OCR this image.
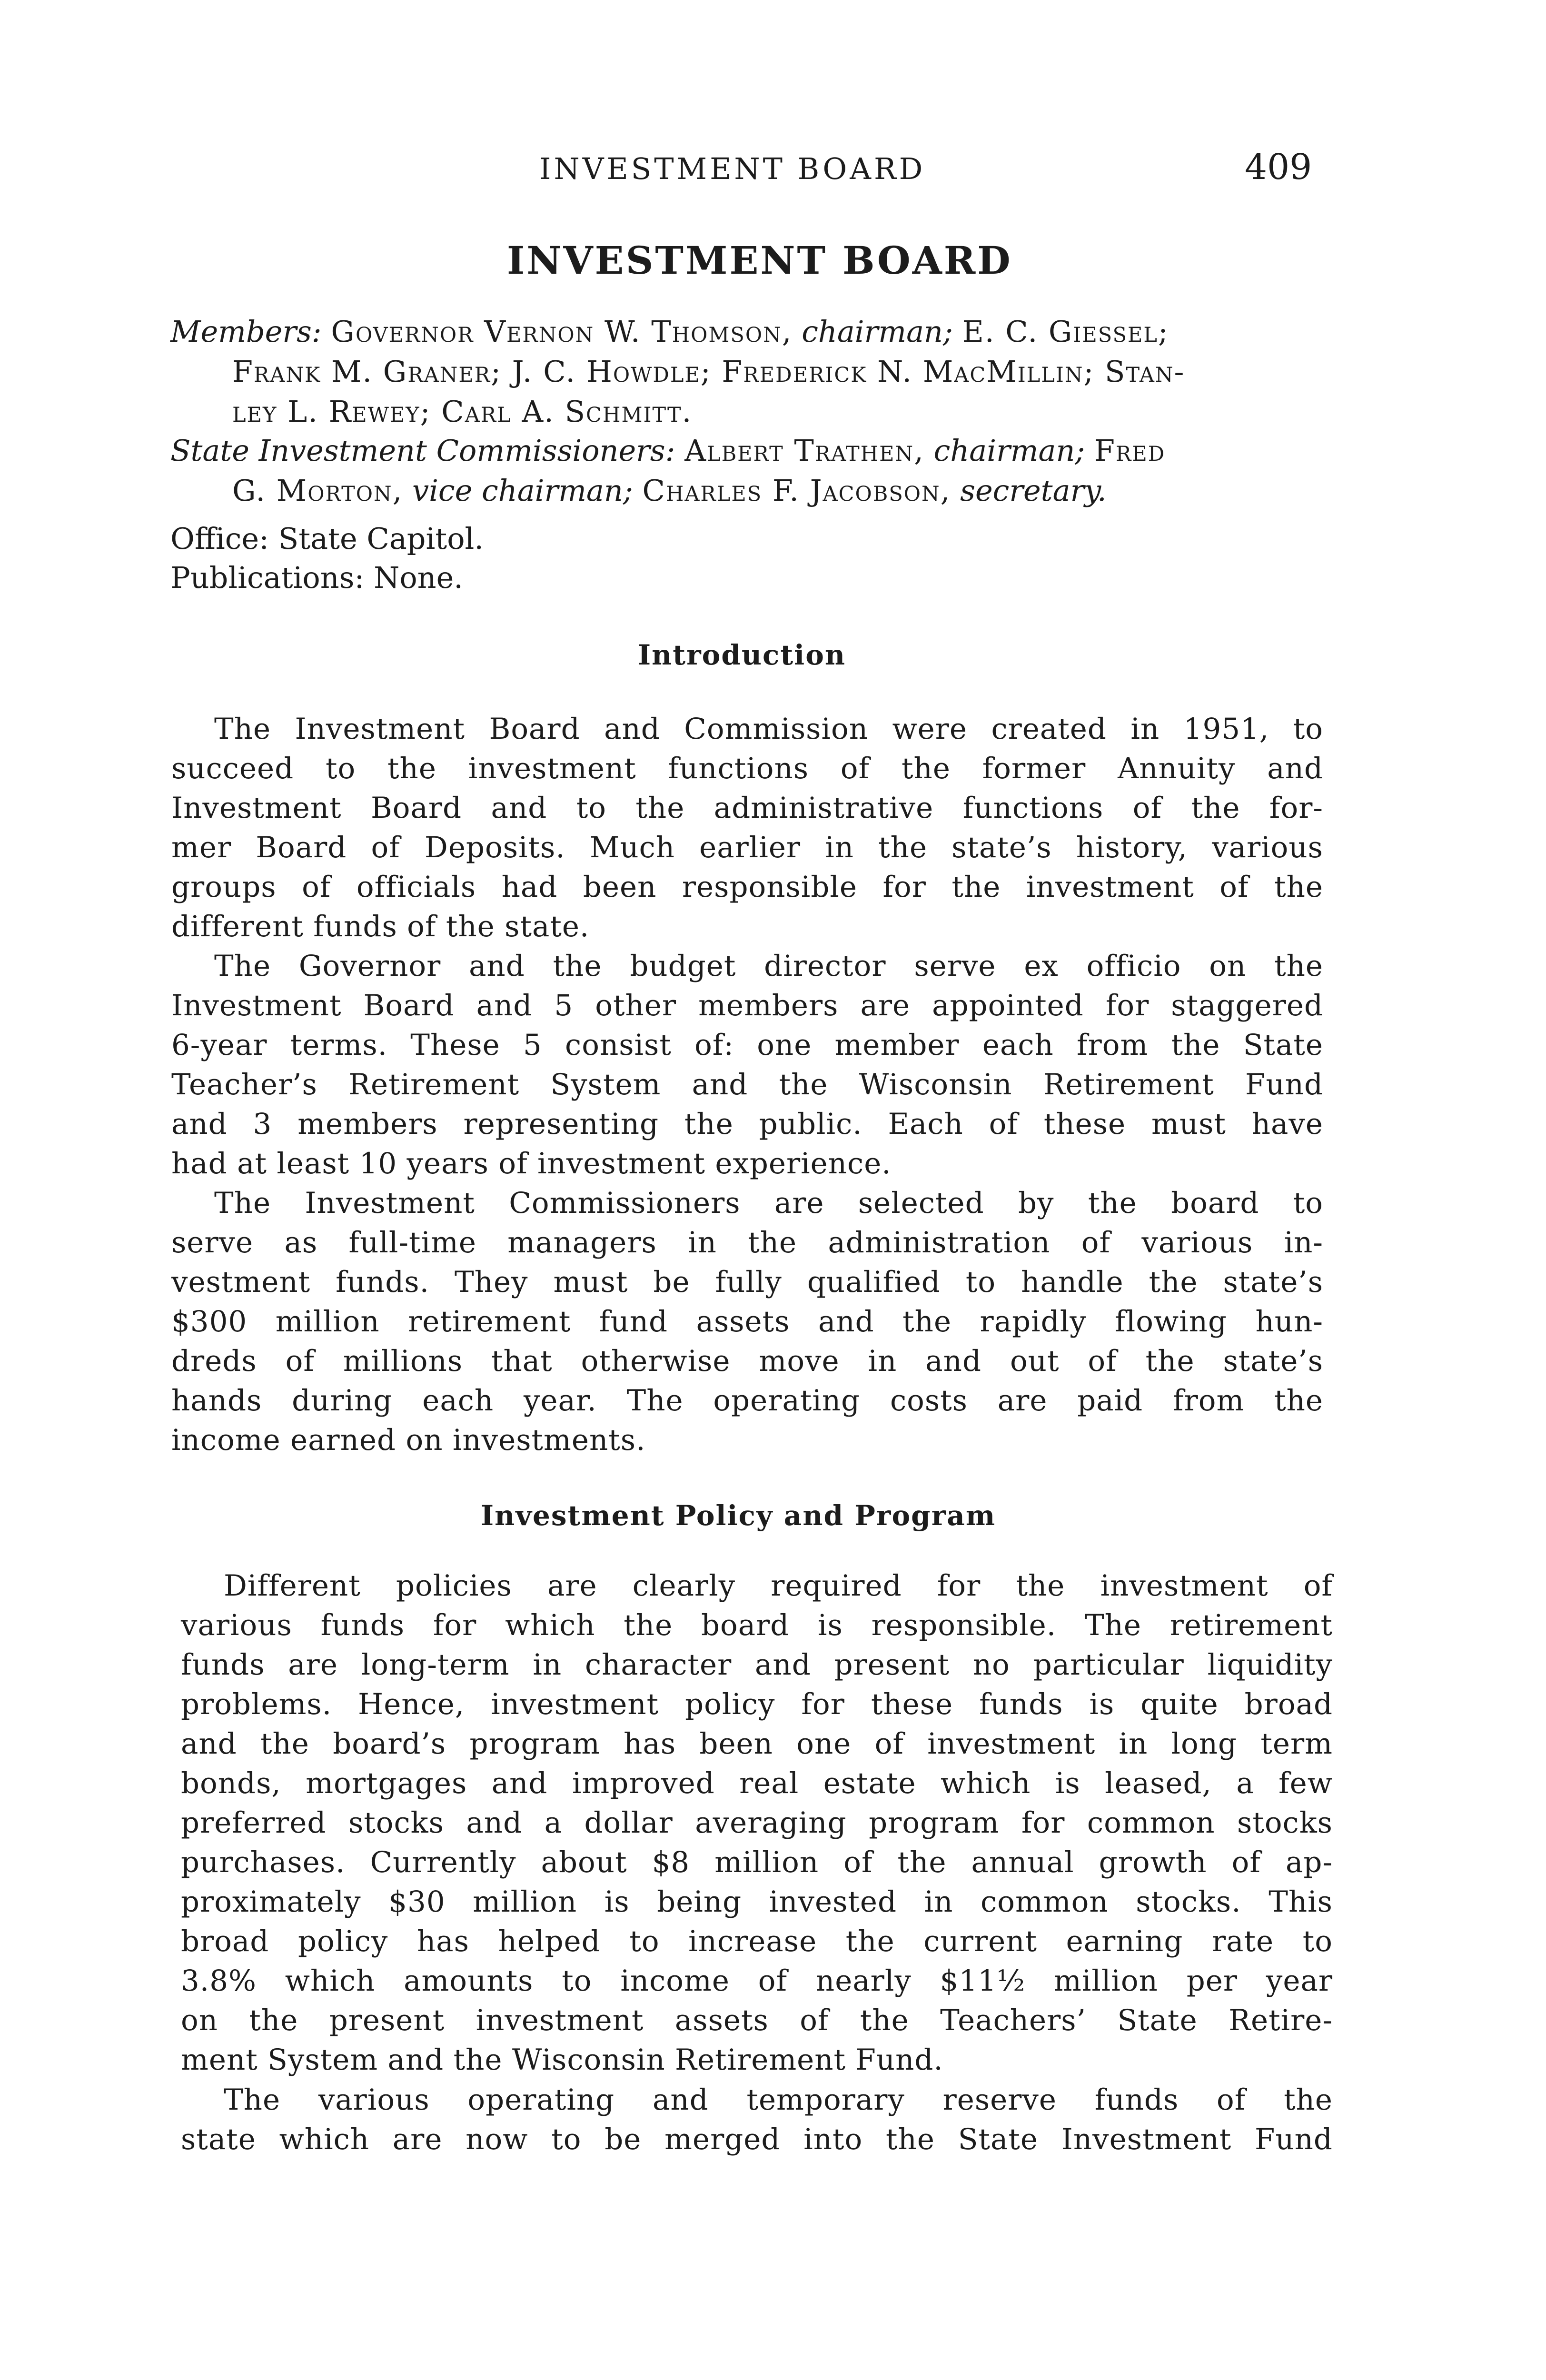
INVESTMENT BOARD	409
INVESTMENT BOARD
Members: Governor Vernon W. Thomson, chairman; E. C. Giessel;
Frank M. Graner; J. C. Howdle; Frederick N. MacMillin; Stan-
ley L. Rewey; Carl A. Schmitt.
State Investment Commissioners: Albert Trathen, chairman; Fred
G. Morton, vice chairman; Charles F. Jacobson, secretary.
Office: State Capitol.
Publications: None.
Introduction
The Investment Board and Commission were created in 1951, to
succeed to the investment functions of the former Annuity and
Investment Board and to the administrative functions of the for-
mer Board of Deposits. Much earlier in the state’s history, various
groups of officials had been responsible for the investment of the
different funds of the state.
The Governor and the budget director serve ex officio on the
Investment Board and 5 other members are appointed for staggered
6-year terms. These 5 consist of: one member each from the State
Teacher’s Retirement System and the Wisconsin Retirement Fund
and 3 members representing the public. Each of these must have
had at least 10 years of investment experience.
The Investment Commissioners are selected by the board to
serve as full-time managers in the administration of various in-
vestment funds. They must be fully qualified to handle the state’s
$300 million retirement fund assets and the rapidly flowing hun-
dreds of millions that otherwise move in and out of the state’s
hands during each year. The operating costs are paid from the
income earned on investments.
Investment Policy and Program
Different policies are clearly required for the investment of
various funds for which the board is responsible. The retirement
funds are long-term in character and present no particular liquidity
problems. Hence, investment policy for these funds is quite broad
and the board’s program has been one of investment in long term
bonds, mortgages and improved real estate which is leased, a few
preferred stocks and a dollar averaging program for common stocks
purchases. Currently about $8 million of the annual growth of ap-
proximately $30 million is being invested in common stocks. This
broad policy has helped to increase the current earning rate to
3.8% which amounts to income of nearly $11½ million per year
on the present investment assets of the Teachers’ State Retire-
ment System and the Wisconsin Retirement Fund.
The various operating and temporary reserve funds of the
state which are now to be merged into the State Investment Fund
